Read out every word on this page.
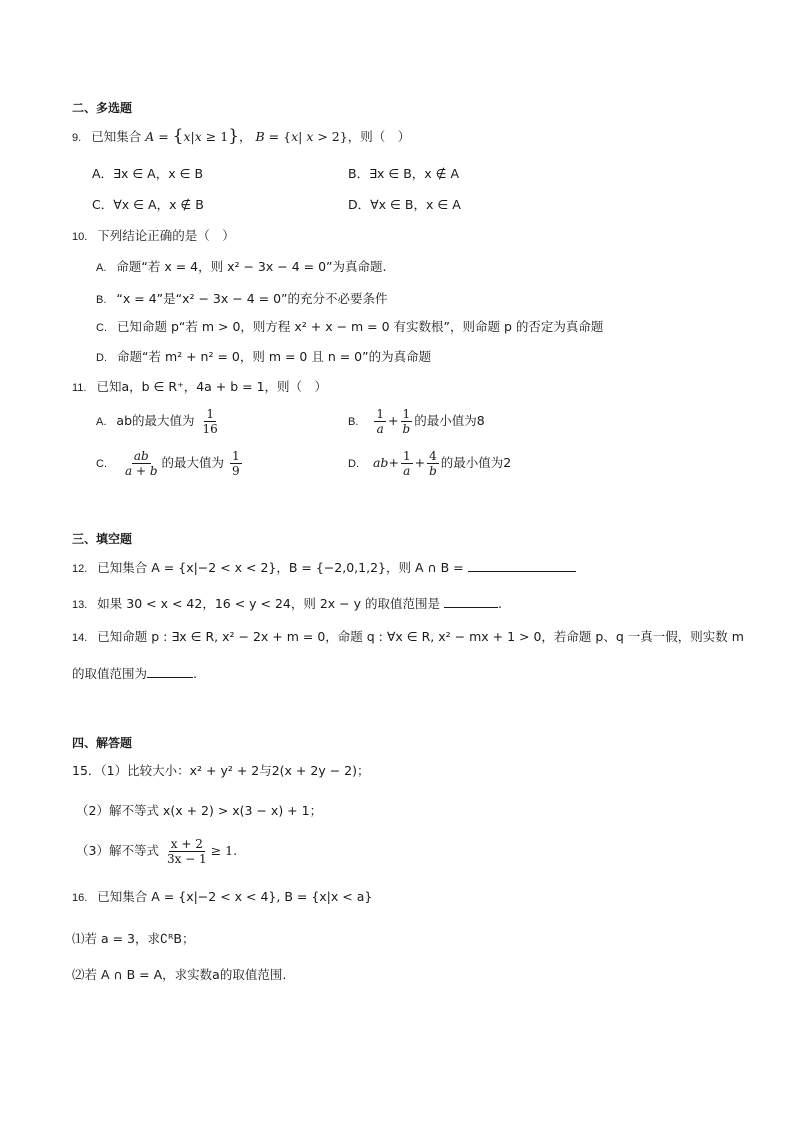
二、多选题
9. 已知集合 A = {x|x ≥ 1}， B = {x| x > 2}，则（　）
A．∃x ∈ A，x ∈ B	B．∃x ∈ B，x ∉ A
C．∀x ∈ A，x ∉ B	D．∀x ∈ B，x ∈ A
10. 下列结论正确的是（　）
A. 命题“若 x = 4，则 x² − 3x − 4 = 0”为真命题.
B. “x = 4”是“x² − 3x − 4 = 0”的充分不必要条件
C. 已知命题 p“若 m > 0，则方程 x² + x − m = 0 有实数根”，则命题 p 的否定为真命题
D. 命题“若 m² + n² = 0，则 m = 0 且 n = 0”的为真命题
11. 已知a，b ∈ R⁺，4a + b = 1，则（　）
A. ab的最大值为 $\frac{1}{16}$	B. $\frac{1}{a} + \frac{1}{b}$ 的最小值为8
C. $\frac{ab}{a + b}$ 的最大值为 $\frac{1}{9}$	D. $ab+ \frac{1}{a} + \frac{4}{b}$ 的最小值为2
三、填空题
12. 已知集合 A = {x|−2 < x < 2}，B = {−2,0,1,2}，则 A ∩ B =
13. 如果 30 < x < 42，16 < y < 24，则 2x − y 的取值范围是	.
14. 已知命题 p : ∃x ∈ R, x² − 2x + m = 0，命题 q : ∀x ∈ R, x² − mx + 1 > 0，若命题 p、q 一真一假，则实数 m
的取值范围为	.
四、解答题
15．（1）比较大小：x² + y² + 2与2(x + 2y − 2)；
（2）解不等式 x(x + 2) > x(3 − x) + 1；
（3）解不等式 $\frac{x + 2}{3x - 1} \ge 1$.
16. 已知集合 A = {x|−2 < x < 4}, B = {x|x < a}
⑴若 a = 3，求∁ᴿB；
⑵若 A ∩ B = A，求实数a的取值范围.
